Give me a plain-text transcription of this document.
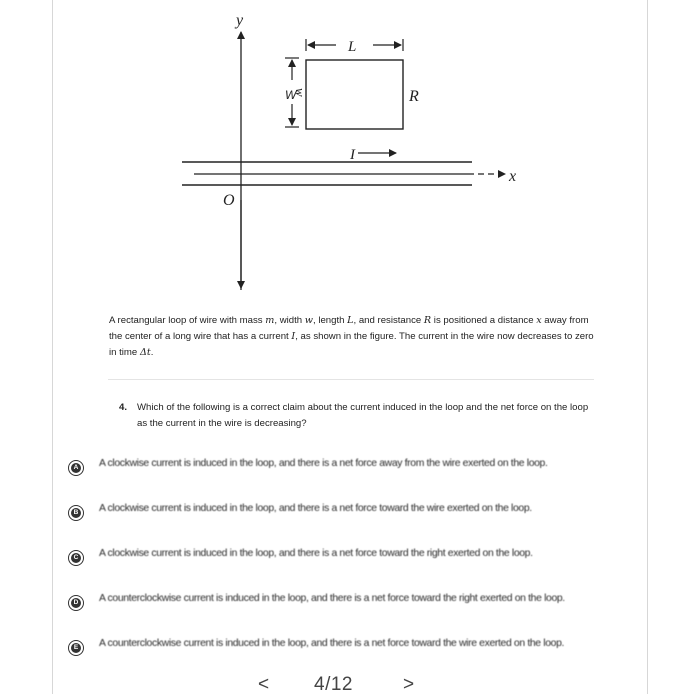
y
x
O
I
R
L
w
W
A rectangular loop of wire with mass m, width w, length L, and resistance R is positioned a distance x away from the center of a long wire that has a current I, as shown in the figure. The current in the wire now decreases to zero in time Δt.
4. Which of the following is a correct claim about the current induced in the loop and the net force on the loop as the current in the wire is decreasing?
A A clockwise current is induced in the loop, and there is a net force away from the wire exerted on the loop.
B A clockwise current is induced in the loop, and there is a net force toward the wire exerted on the loop.
C A clockwise current is induced in the loop, and there is a net force toward the right exerted on the loop.
D A counterclockwise current is induced in the loop, and there is a net force toward the right exerted on the loop.
E A counterclockwise current is induced in the loop, and there is a net force toward the wire exerted on the loop.
< 4/12	>
